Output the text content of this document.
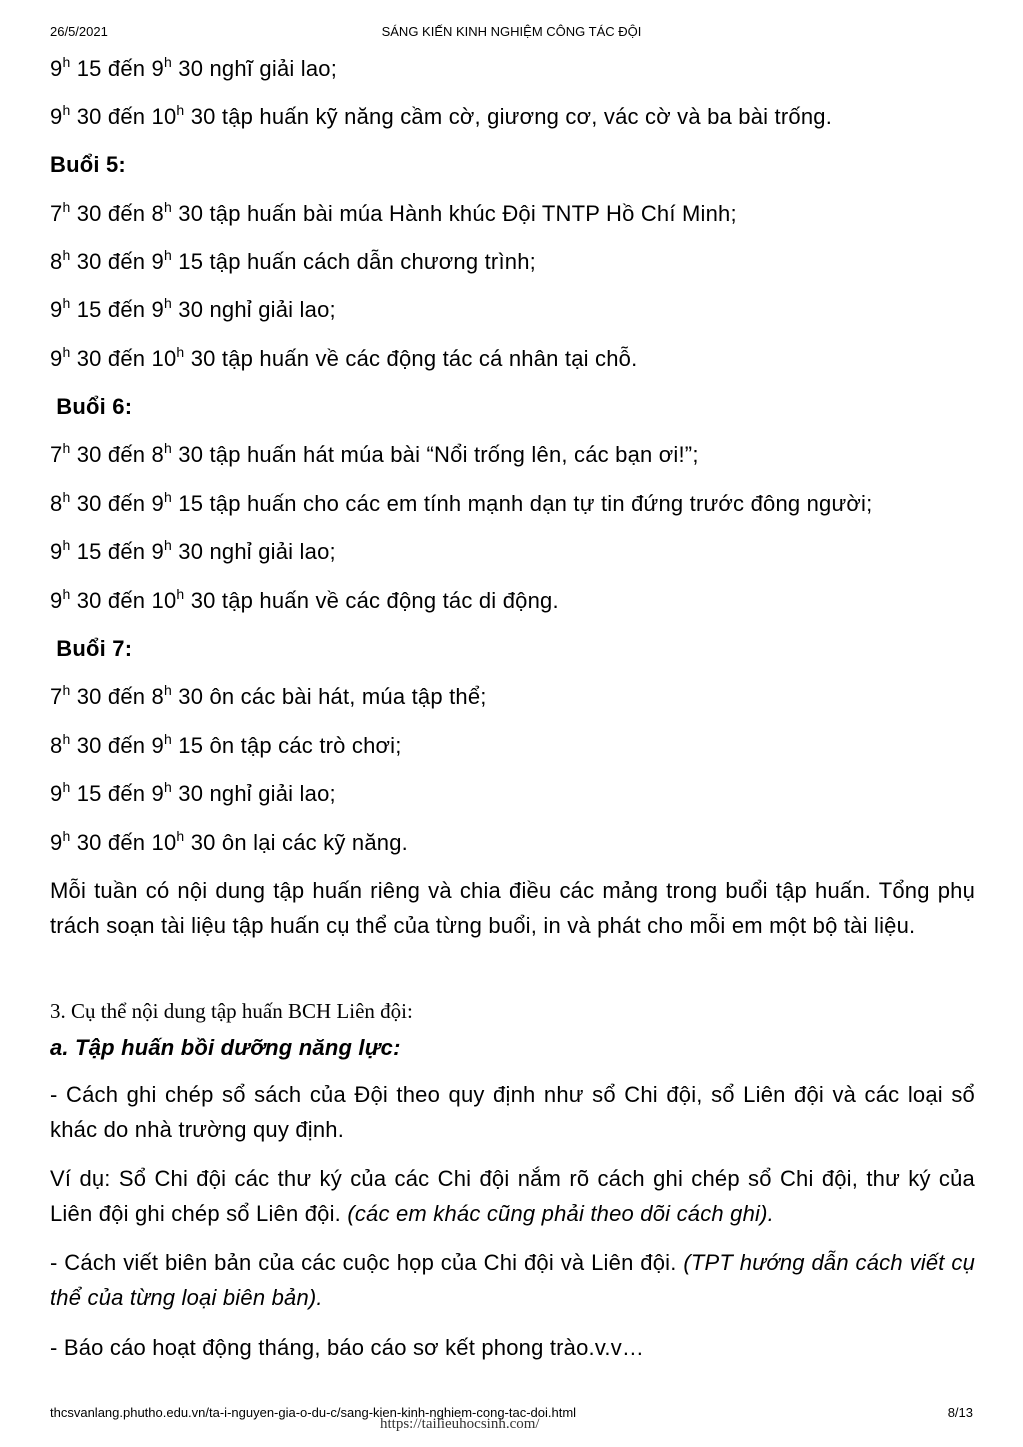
26/5/2021	SÁNG KIẾN KINH NGHIỆM CÔNG TÁC ĐỘI
9$^h$ 15 đến 9$^h$ 30 nghĩ giải lao;
9$^h$ 30 đến 10$^h$ 30 tập huấn kỹ năng cầm cờ, giương cơ, vác cờ và ba bài trống.
Buổi 5:
7$^h$ 30 đến 8$^h$ 30 tập huấn bài múa Hành khúc Đội TNTP Hồ Chí Minh;
8$^h$ 30 đến 9$^h$ 15 tập huấn cách dẫn chương trình;
9$^h$ 15 đến 9$^h$ 30 nghỉ giải lao;
9$^h$ 30 đến 10$^h$ 30 tập huấn về các động tác cá nhân tại chỗ.
Buổi 6:
7$^h$ 30 đến 8$^h$ 30 tập huấn hát múa bài “Nổi trống lên, các bạn ơi!”;
8$^h$ 30 đến 9$^h$ 15 tập huấn cho các em tính mạnh dạn tự tin đứng trước đông người;
9$^h$ 15 đến 9$^h$ 30 nghỉ giải lao;
9$^h$ 30 đến 10$^h$ 30 tập huấn về các động tác di động.
Buổi 7:
7$^h$ 30 đến 8$^h$ 30 ôn các bài hát, múa tập thể;
8$^h$ 30 đến 9$^h$ 15 ôn tập các trò chơi;
9$^h$ 15 đến 9$^h$ 30 nghỉ giải lao;
9$^h$ 30 đến 10$^h$ 30 ôn lại các kỹ năng.
Mỗi tuần có nội dung tập huấn riêng và chia điều các mảng trong buổi tập huấn. Tổng phụ trách soạn tài liệu tập huấn cụ thể của từng buổi, in và phát cho mỗi em một bộ tài liệu.
3. Cụ thể nội dung tập huấn BCH Liên đội:
a. Tập huấn bồi dưỡng năng lực:
- Cách ghi chép sổ sách của Đội theo quy định như sổ Chi đội, sổ Liên đội và các loại sổ khác do nhà trường quy định.
Ví dụ: Sổ Chi đội các thư ký của các Chi đội nắm rõ cách ghi chép sổ Chi đội, thư ký của Liên đội ghi chép sổ Liên đội. (các em khác cũng phải theo dõi cách ghi).
- Cách viết biên bản của các cuộc họp của Chi đội và Liên đội. (TPT hướng dẫn cách viết cụ thể của từng loại biên bản).
- Báo cáo hoạt động tháng, báo cáo sơ kết phong trào.v.v…
thcsvanlang.phutho.edu.vn/ta-i-nguyen-gia-o-du-c/sang-kien-kinh-nghiem-cong-tac-doi.html	8/13
https://tailieuhocsinh.com/
